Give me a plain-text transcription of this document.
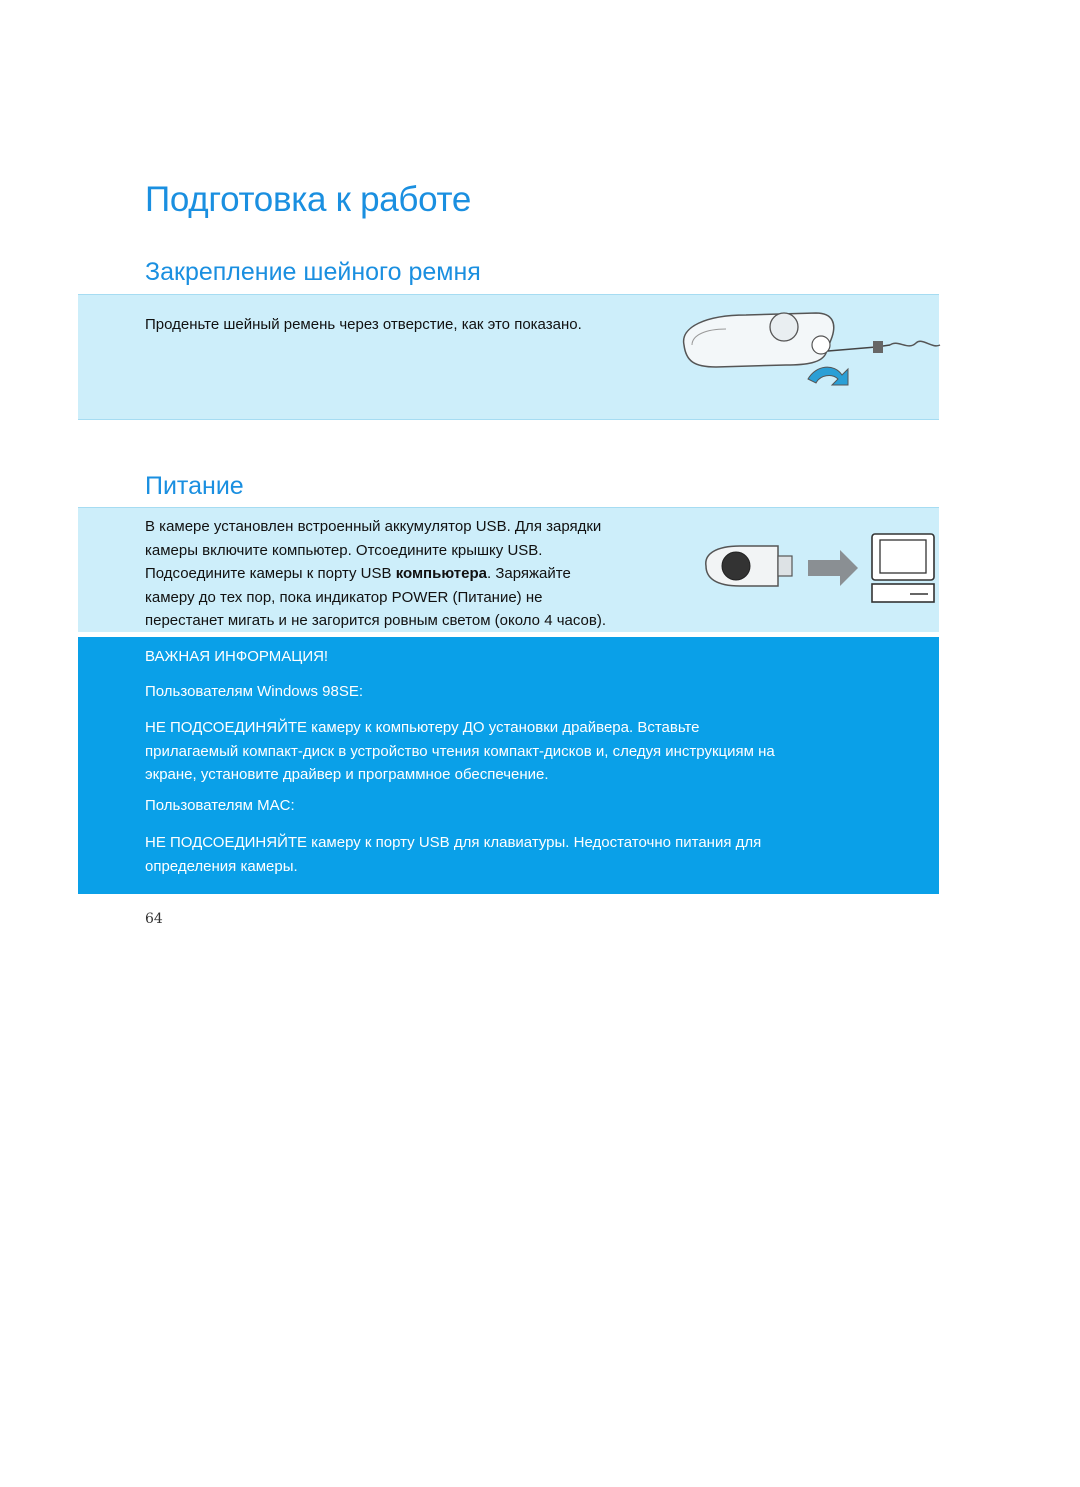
Подготовка к работе
Закрепление шейного ремня
Проденьте шейный ремень через отверстие, как это показано.
Питание
В камере установлен встроенный аккумулятор USB. Для зарядки
камеры включите компьютер. Отсоедините крышку USB.
Подсоедините камеры к порту USB компьютера. Заряжайте
камеру до тех пор, пока индикатор POWER (Питание) не
перестанет мигать и не загорится ровным светом (около 4 часов).
ВАЖНАЯ ИНФОРМАЦИЯ!
Пользователям Windows 98SE:
НЕ ПОДСОЕДИНЯЙТЕ камеру к компьютеру ДО установки драйвера. Вставьте
прилагаемый компакт-диск в устройство чтения компакт-дисков и, следуя инструкциям на
экране, установите драйвер и программное обеспечение.
Пользователям MAC:
НЕ ПОДСОЕДИНЯЙТЕ камеру к порту USB для клавиатуры. Недостаточно питания для
определения камеры.
64
